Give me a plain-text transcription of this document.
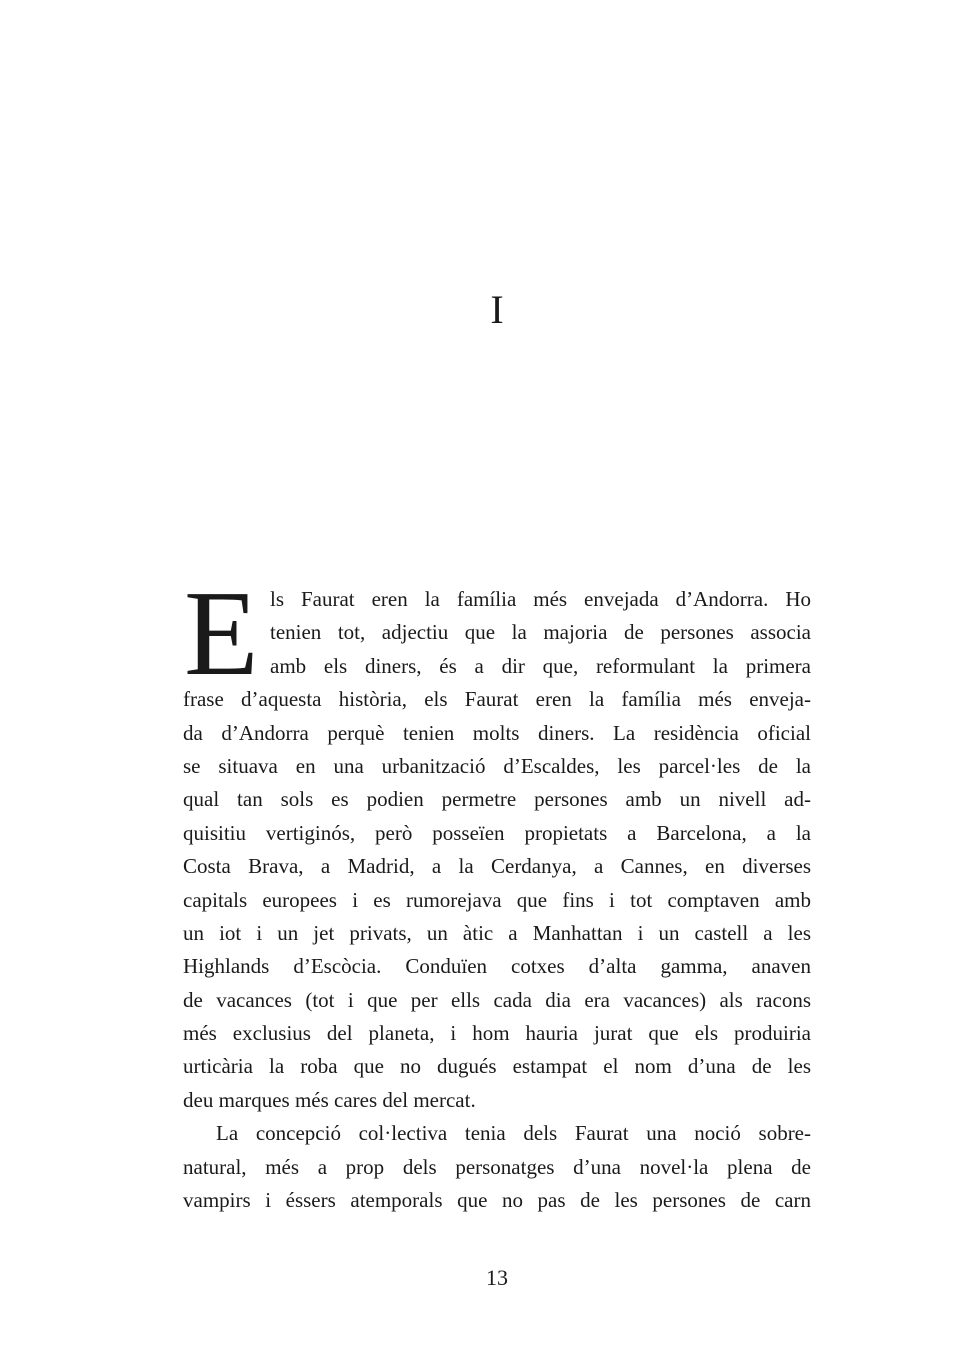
I
E ls Faurat eren la família més envejada d’Andorra. Ho
tenien tot, adjectiu que la majoria de persones associa
amb els diners, és a dir que, reformulant la primera
frase d’aquesta història, els Faurat eren la família més enveja-
da d’Andorra perquè tenien molts diners. La residència oficial
se situava en una urbanització d’Escaldes, les parcel·les de la
qual tan sols es podien permetre persones amb un nivell ad-
quisitiu vertiginós, però posseïen propietats a Barcelona, a la
Costa Brava, a Madrid, a la Cerdanya, a Cannes, en diverses
capitals europees i es rumorejava que fins i tot comptaven amb
un iot i un jet privats, un àtic a Manhattan i un castell a les
Highlands d’Escòcia. Conduïen cotxes d’alta gamma, anaven
de vacances (tot i que per ells cada dia era vacances) als racons
més exclusius del planeta, i hom hauria jurat que els produiria
urticària la roba que no dugués estampat el nom d’una de les
deu marques més cares del mercat.
La concepció col·lectiva tenia dels Faurat una noció sobre-
natural, més a prop dels personatges d’una novel·la plena de
vampirs i éssers atemporals que no pas de les persones de carn
13
